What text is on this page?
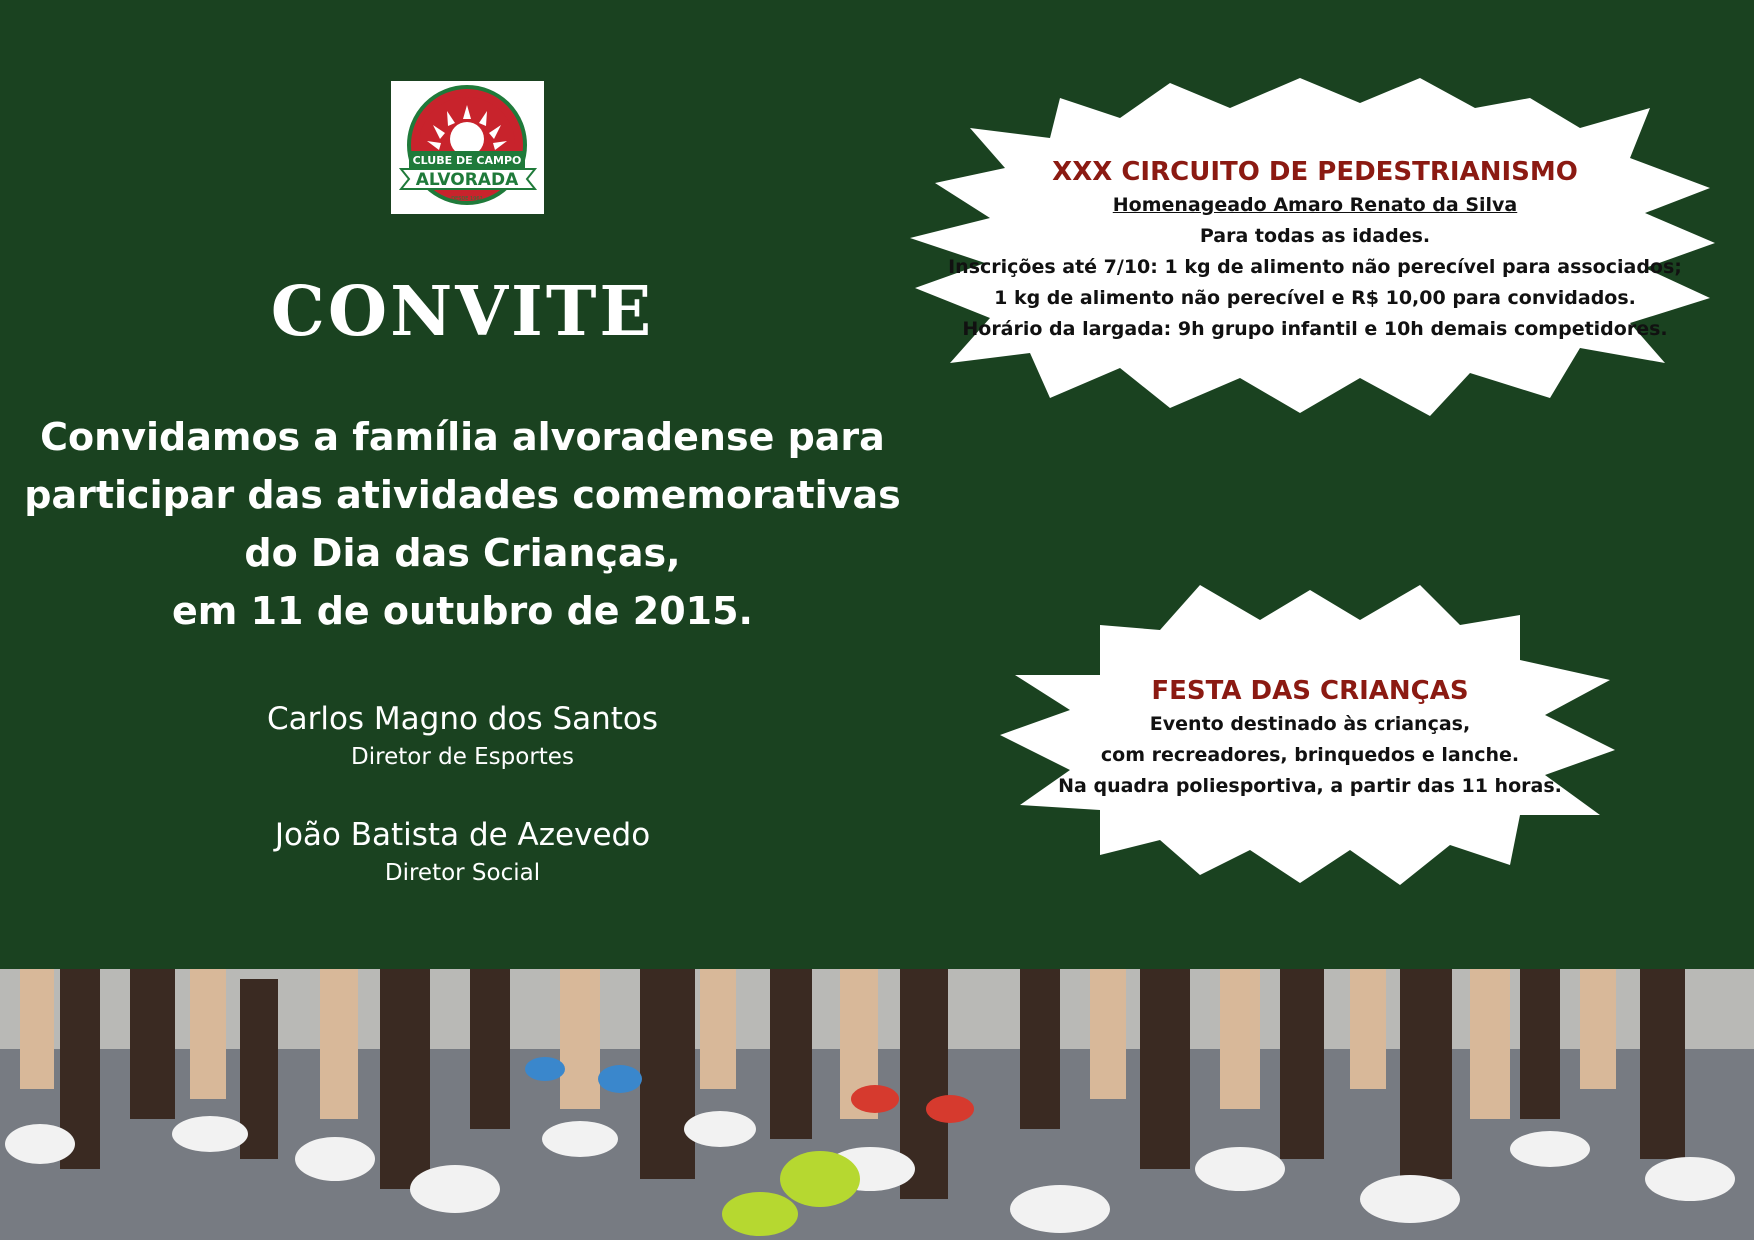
CLUBE DE CAMPO
ALVORADA
DESDE 1962
CONVITE
Convidamos a família alvoradense para
participar das atividades comemorativas
do Dia das Crianças,
em 11 de outubro de 2015.
Carlos Magno dos Santos
Diretor de Esportes
João Batista de Azevedo
Diretor Social
XXX CIRCUITO DE PEDESTRIANISMO
Homenageado Amaro Renato da Silva
Para todas as idades.
Inscrições até 7/10: 1 kg de alimento não perecível para associados;
1 kg de alimento não perecível e R$ 10,00 para convidados.
Horário da largada: 9h grupo infantil e 10h demais competidores.
FESTA DAS CRIANÇAS
Evento destinado às crianças,
com recreadores, brinquedos e lanche.
Na quadra poliesportiva, a partir das 11 horas.
